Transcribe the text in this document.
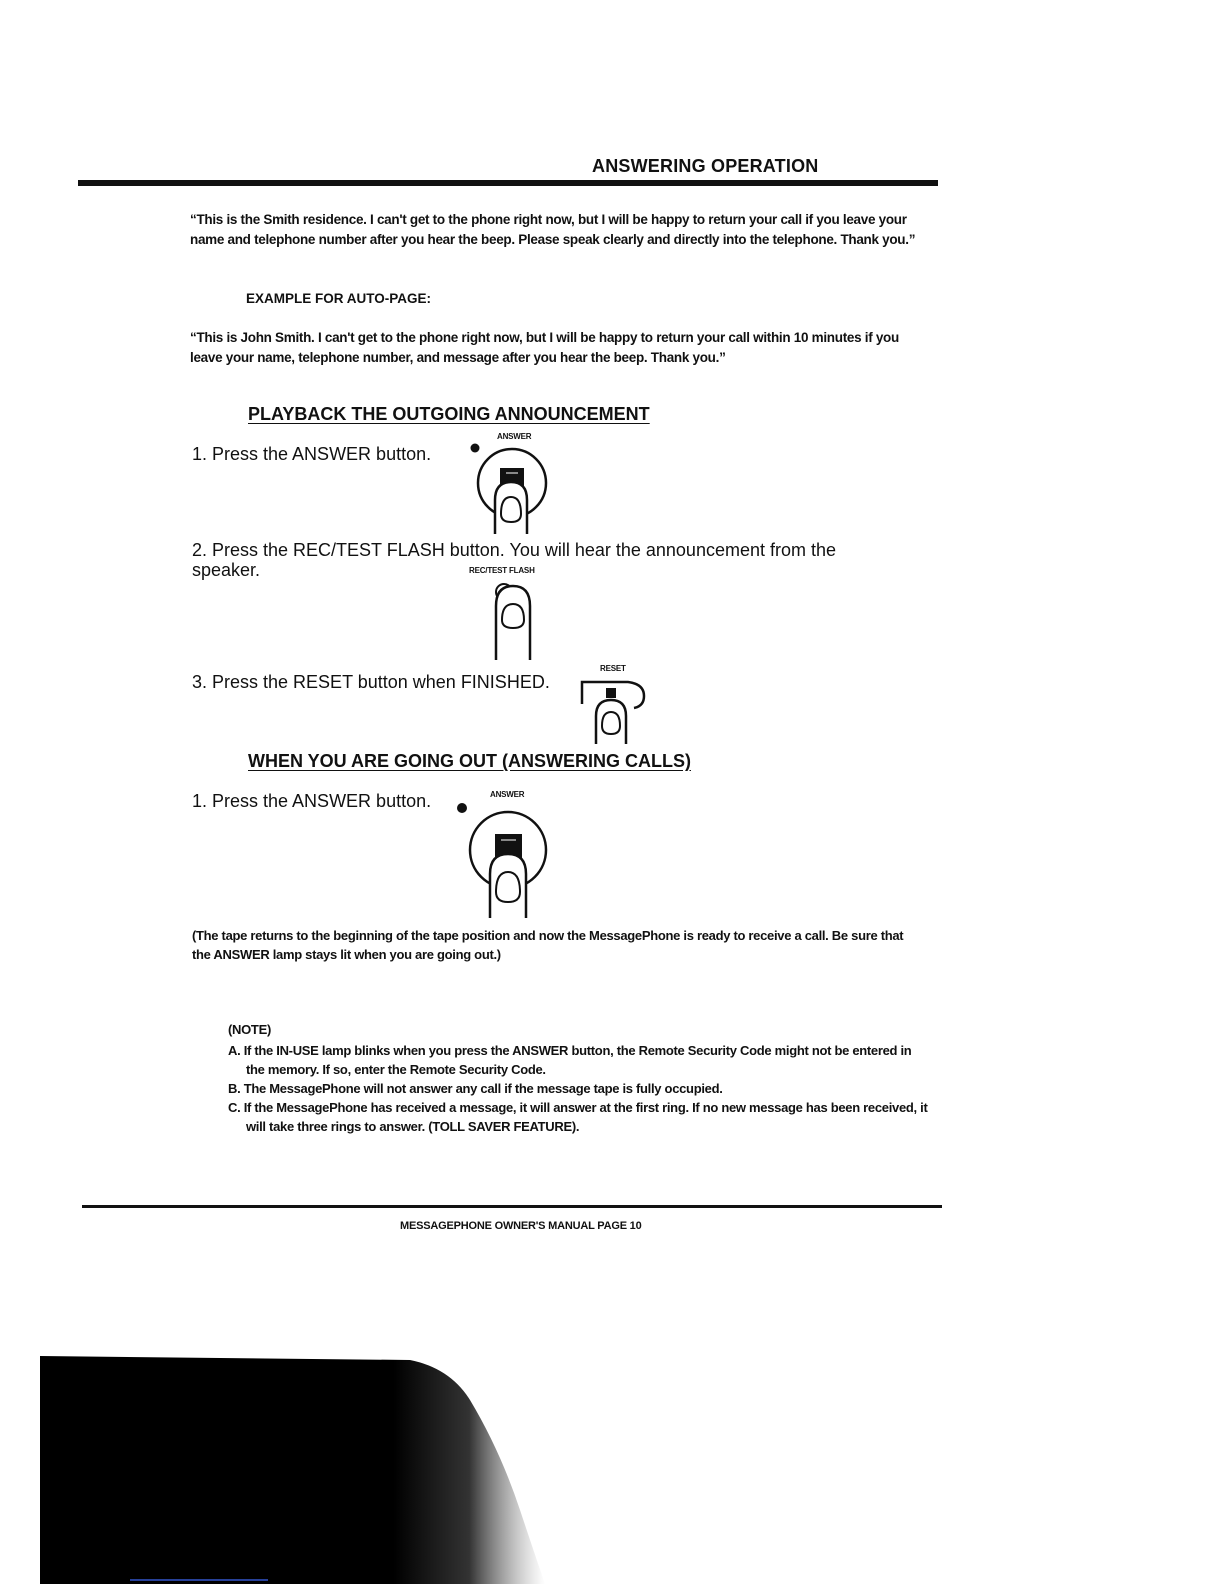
ANSWERING OPERATION
“This is the Smith residence. I can't get to the phone right now, but I will be happy to return your call if you leave your name and telephone number after you hear the beep. Please speak clearly and directly into the telephone. Thank you.”
EXAMPLE FOR AUTO-PAGE:
“This is John Smith. I can't get to the phone right now, but I will be happy to return your call within 10 minutes if you leave your name, telephone number, and message after you hear the beep. Thank you.”
PLAYBACK THE OUTGOING ANNOUNCEMENT
1. Press the ANSWER button.
ANSWER
2. Press the REC/TEST FLASH button. You will hear the announcement from the speaker.	REC/TEST FLASH
3. Press the RESET button when FINISHED.
RESET
WHEN YOU ARE GOING OUT (ANSWERING CALLS)
1. Press the ANSWER button.	ANSWER
(The tape returns to the beginning of the tape position and now the MessagePhone is ready to receive a call. Be sure that the ANSWER lamp stays lit when you are going out.)
(NOTE)
A. If the IN-USE lamp blinks when you press the ANSWER button, the Remote Security Code might not be entered in the memory. If so, enter the Remote Security Code.
B. The MessagePhone will not answer any call if the message tape is fully occupied.
C. If the MessagePhone has received a message, it will answer at the first ring. If no new message has been received, it will take three rings to answer. (TOLL SAVER FEATURE).
MESSAGEPHONE OWNER'S MANUAL PAGE 10
